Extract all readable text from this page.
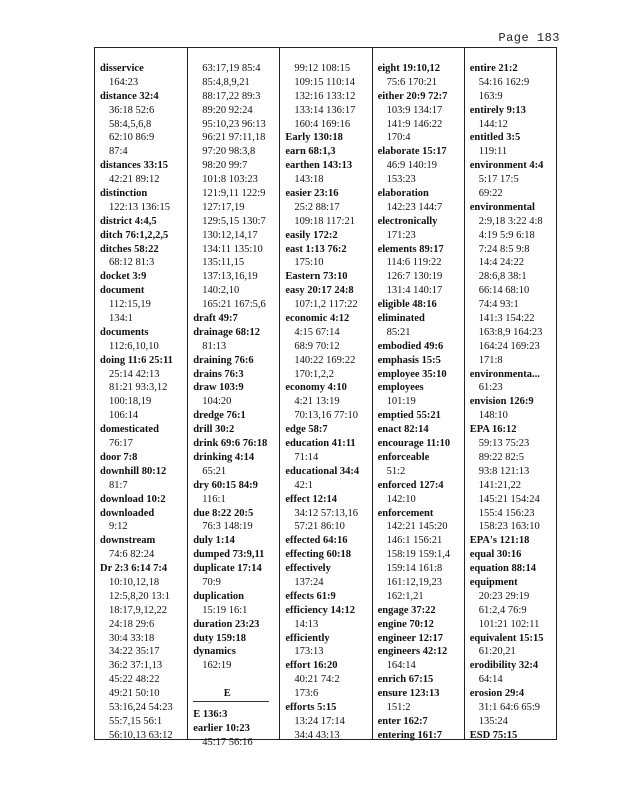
Page 183
disservice
164:23
distance 32:4
36:18 52:6
58:4,5,6,8
62:10 86:9
87:4
distances 33:15
42:21 89:12
distinction
122:13 136:15
district 4:4,5
ditch 76:1,2,2,5
ditches 58:22
68:12 81:3
docket 3:9
document
112:15,19
134:1
documents
112:6,10,10
doing 11:6 25:11
25:14 42:13
81:21 93:3,12
100:18,19
106:14
domesticated
76:17
door 7:8
downhill 80:12
81:7
download 10:2
downloaded
9:12
downstream
74:6 82:24
Dr 2:3 6:14 7:4
10:10,12,18
12:5,8,20 13:1
18:17,9,12,22
24:18 29:6
30:4 33:18
34:22 35:17
36:2 37:1,13
45:22 48:22
49:21 50:10
53:16,24 54:23
55:7,15 56:1
56:10,13 63:12
63:17,19 85:4
85:4,8,9,21
88:17,22 89:3
89:20 92:24
95:10,23 96:13
96:21 97:11,18
97:20 98:3,8
98:20 99:7
101:8 103:23
121:9,11 122:9
127:17,19
129:5,15 130:7
130:12,14,17
134:11 135:10
135:11,15
137:13,16,19
140:2,10
165:21 167:5,6
draft 49:7
drainage 68:12
81:13
draining 76:6
drains 76:3
draw 103:9
104:20
dredge 76:1
drill 30:2
drink 69:6 76:18
drinking 4:14
65:21
dry 60:15 84:9
116:1
due 8:22 20:5
76:3 148:19
duly 1:14
dumped 73:9,11
duplicate 17:14
70:9
duplication
15:19 16:1
duration 23:23
duty 159:18
dynamics
162:19
E
E 136:3
earlier 10:23
45:17 56:16
99:12 108:15
109:15 110:14
132:16 133:12
133:14 136:17
160:4 169:16
Early 130:18
earn 68:1,3
earthen 143:13
143:18
easier 23:16
25:2 88:17
109:18 117:21
easily 172:2
east 1:13 76:2
175:10
Eastern 73:10
easy 20:17 24:8
107:1,2 117:22
economic 4:12
4:15 67:14
68:9 70:12
140:22 169:22
170:1,2,2
economy 4:10
4:21 13:19
70:13,16 77:10
edge 58:7
education 41:11
71:14
educational 34:4
42:1
effect 12:14
34:12 57:13,16
57:21 86:10
effected 64:16
effecting 60:18
effectively
137:24
effects 61:9
efficiency 14:12
14:13
efficiently
173:13
effort 16:20
40:21 74:2
173:6
efforts 5:15
13:24 17:14
34:4 43:13
eight 19:10,12
75:6 170:21
either 20:9 72:7
103:9 134:17
141:9 146:22
170:4
elaborate 15:17
46:9 140:19
153:23
elaboration
142:23 144:7
electronically
171:23
elements 89:17
114:6 119:22
126:7 130:19
131:4 140:17
eligible 48:16
eliminated
85:21
embodied 49:6
emphasis 15:5
employee 35:10
employees
101:19
emptied 55:21
enact 82:14
encourage 11:10
enforceable
51:2
enforced 127:4
142:10
enforcement
142:21 145:20
146:1 156:21
158:19 159:1,4
159:14 161:8
161:12,19,23
162:1,21
engage 37:22
engine 70:12
engineer 12:17
engineers 42:12
164:14
enrich 67:15
ensure 123:13
151:2
enter 162:7
entering 161:7
entire 21:2
54:16 162:9
163:9
entirely 9:13
144:12
entitled 3:5
119:11
environment 4:4
5:17 17:5
69:22
environmental
2:9,18 3:22 4:8
4:19 5:9 6:18
7:24 8:5 9:8
14:4 24:22
28:6,8 38:1
66:14 68:10
74:4 93:1
141:3 154:22
163:8,9 164:23
164:24 169:23
171:8
environmenta...
61:23
envision 126:9
148:10
EPA 16:12
59:13 75:23
89:22 82:5
93:8 121:13
141:21,22
145:21 154:24
155:4 156:23
158:23 163:10
EPA's 121:18
equal 30:16
equation 88:14
equipment
20:23 29:19
61:2,4 76:9
101:21 102:11
equivalent 15:15
61:20,21
erodibility 32:4
64:14
erosion 29:4
31:1 64:6 65:9
135:24
ESD 75:15
